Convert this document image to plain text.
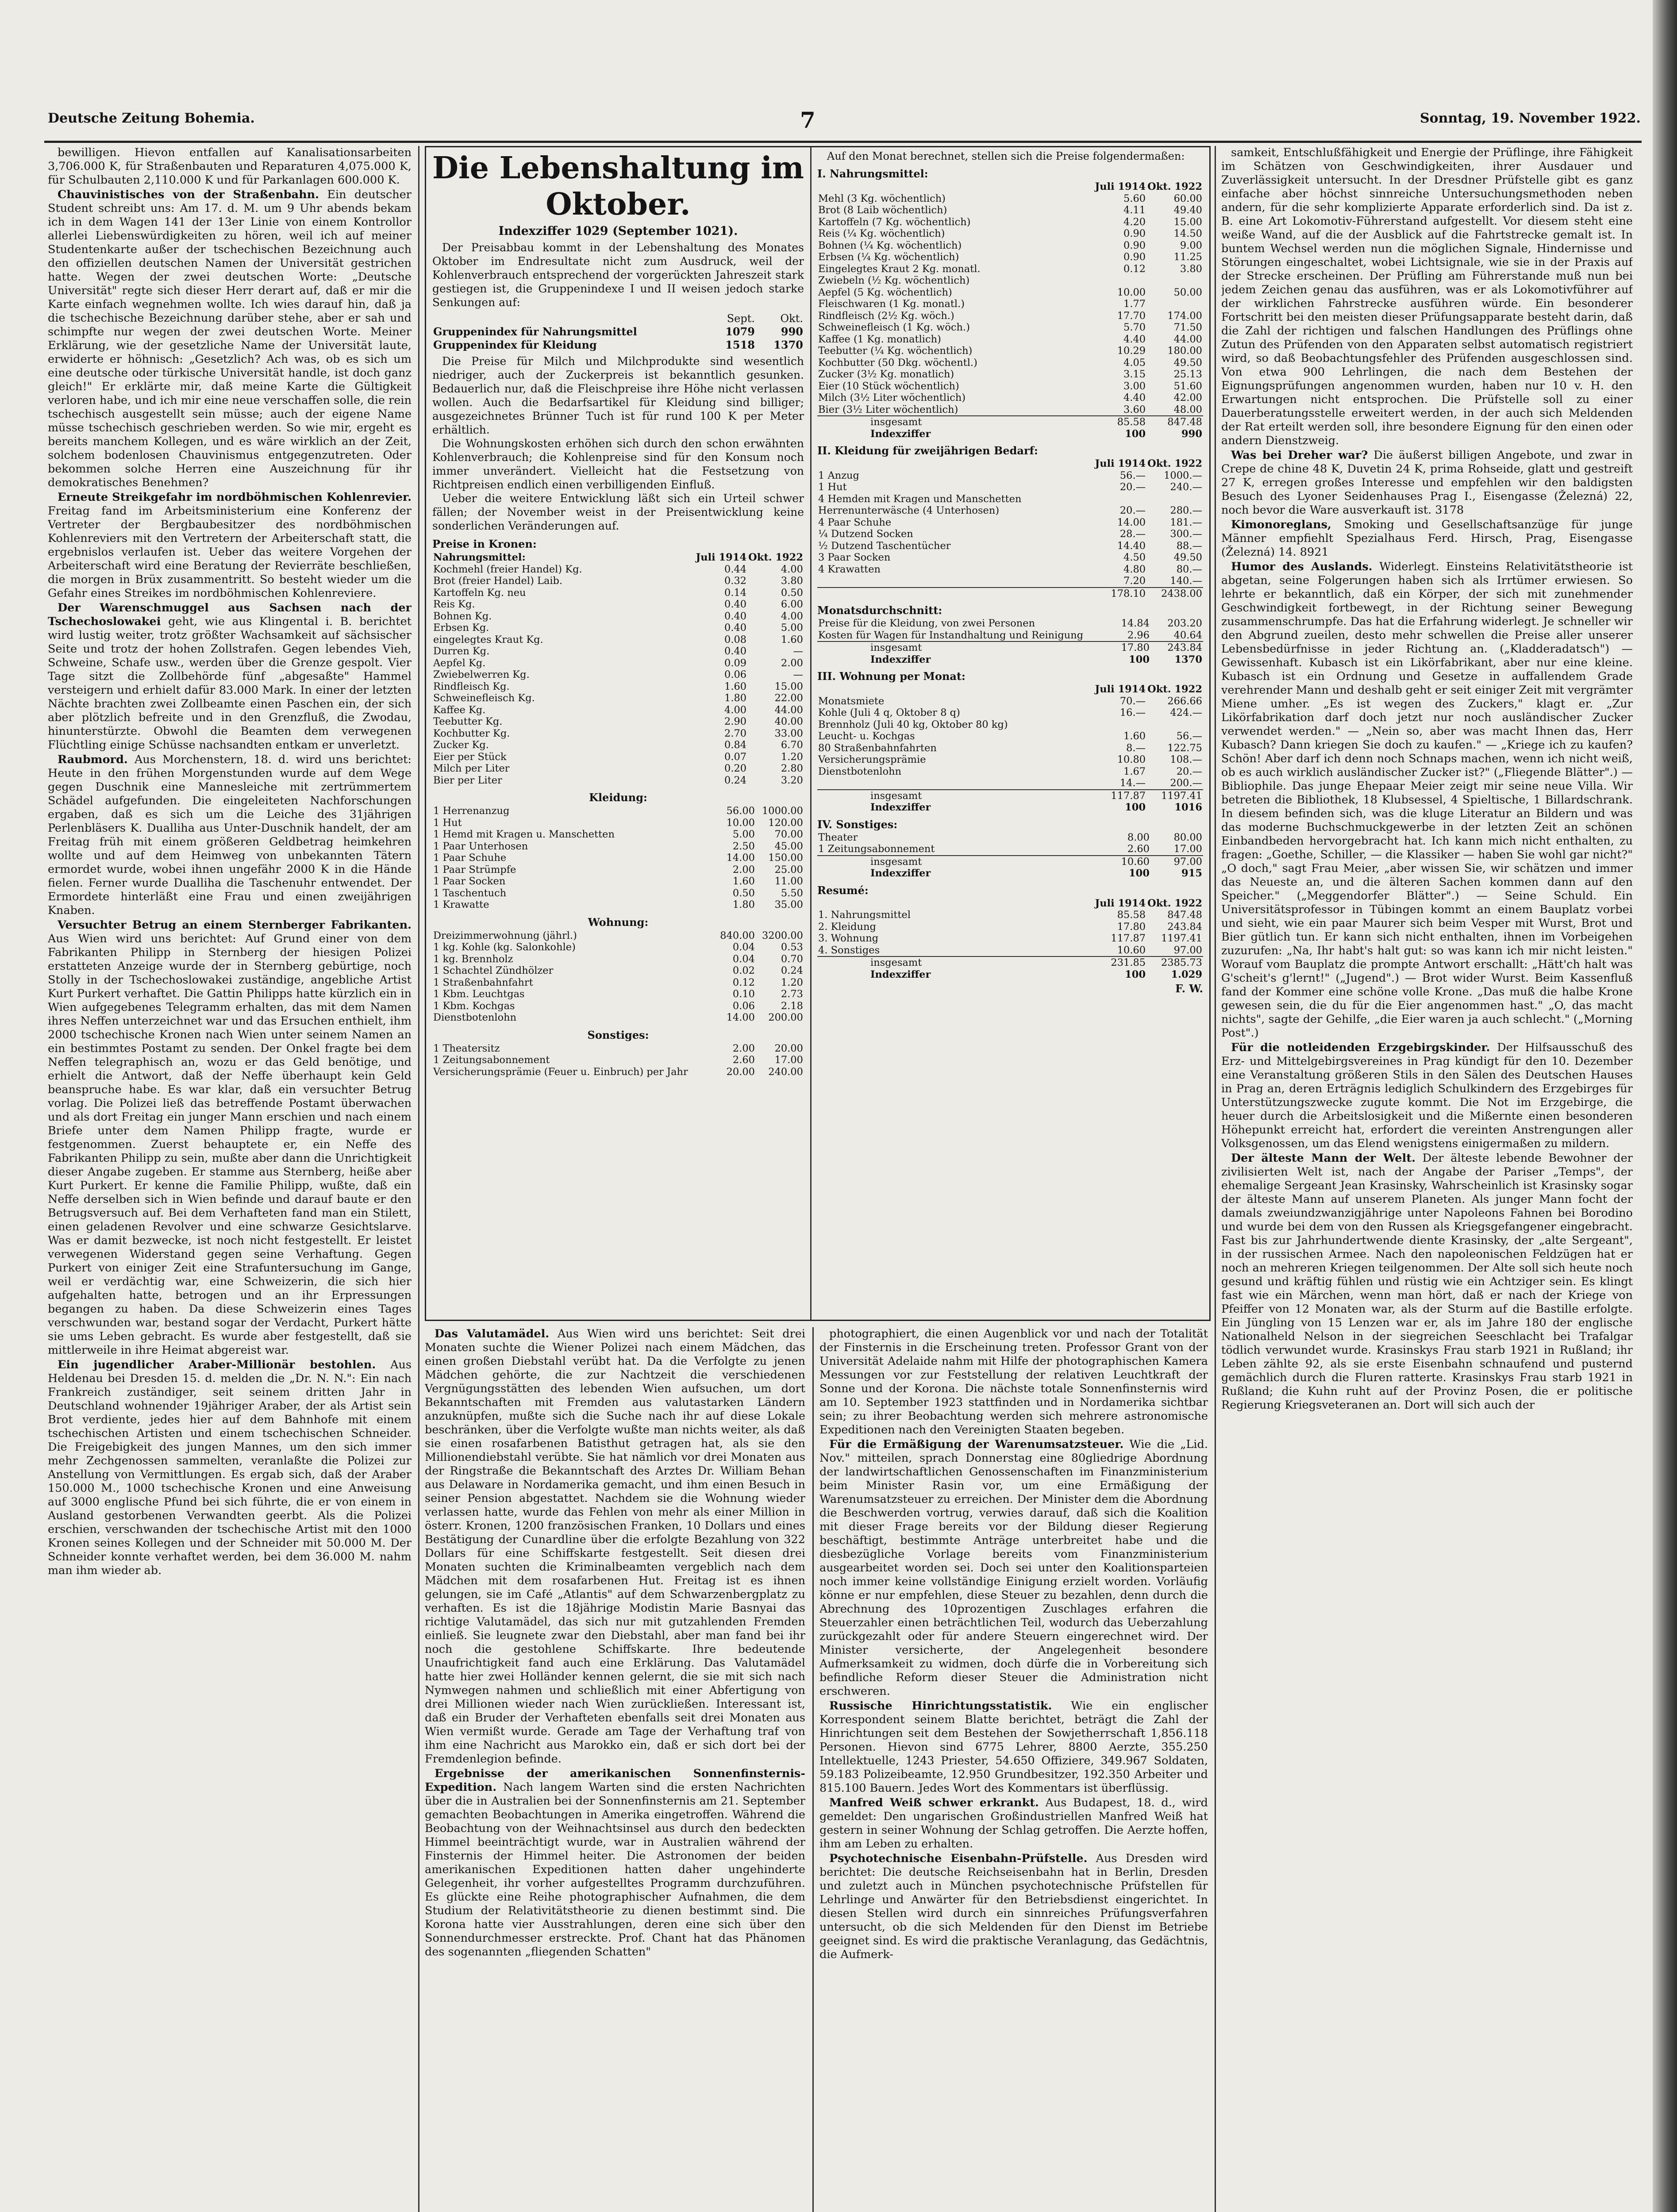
Deutsche Zeitung Bohemia.	7	Sonntag, 19. November 1922.

bewilligen. Hievon entfallen auf Kanalisationsarbeiten 3,706.000 K, für Straßenbauten und Reparaturen 4,075.000 K, für Schulbauten 2,110.000 K und für Parkanlagen 600.000 K.

Chauvinistisches von der Straßenbahn. Ein deutscher Student schreibt uns: Am 17. d. M. um 9 Uhr abends bekam ich in dem Wagen 141 der 13er Linie von einem Kontrollor allerlei Liebenswürdigkeiten zu hören, weil ich auf meiner Studentenkarte außer der tschechischen Bezeichnung auch den offiziellen deutschen Namen der Universität gestrichen hatte. Wegen der zwei deutschen Worte: „Deutsche Universität" regte sich dieser Herr derart auf, daß er mir die Karte einfach wegnehmen wollte. Ich wies darauf hin, daß ja die tschechische Bezeichnung darüber stehe, aber er sah und schimpfte nur wegen der zwei deutschen Worte. Meiner Erklärung, wie der gesetzliche Name der Universität laute, erwiderte er höhnisch: „Gesetzlich? Ach was, ob es sich um eine deutsche oder türkische Universität handle, ist doch ganz gleich!" Er erklärte mir, daß meine Karte die Gültigkeit verloren habe, und ich mir eine neue verschaffen solle, die rein tschechisch ausgestellt sein müsse; auch der eigene Name müsse tschechisch geschrieben werden. So wie mir, ergeht es bereits manchem Kollegen, und es wäre wirklich an der Zeit, solchem bodenlosen Chauvinismus entgegenzutreten. Oder bekommen solche Herren eine Auszeichnung für ihr demokratisches Benehmen?

Erneute Streikgefahr im nordböhmischen Kohlenrevier. Freitag fand im Arbeitsministerium eine Konferenz der Vertreter der Bergbaubesitzer des nordböhmischen Kohlenreviers mit den Vertretern der Arbeiterschaft statt, die ergebnislos verlaufen ist. Ueber das weitere Vorgehen der Arbeiterschaft wird eine Beratung der Revierräte beschließen, die morgen in Brüx zusammentritt. So besteht wieder um die Gefahr eines Streikes im nordböhmischen Kohlenreviere.

Der Warenschmuggel aus Sachsen nach der Tschechoslowakei geht, wie aus Klingental i. B. berichtet wird lustig weiter, trotz größter Wachsamkeit auf sächsischer Seite und trotz der hohen Zollstrafen. Gegen lebendes Vieh, Schweine, Schafe usw., werden über die Grenze gespolt. Vier Tage sitzt die Zollbehörde fünf „abgesaßte" Hammel versteigern und erhielt dafür 83.000 Mark. In einer der letzten Nächte brachten zwei Zollbeamte einen Paschen ein, der sich aber plötzlich befreite und in den Grenzfluß, die Zwodau, hinunterstürzte. Obwohl die Beamten dem verwegenen Flüchtling einige Schüsse nachsandten entkam er unverletzt.

Raubmord. Aus Morchenstern, 18. d. wird uns berichtet: Heute in den frühen Morgenstunden wurde auf dem Wege gegen Duschnik eine Mannesleiche mit zertrümmertem Schädel aufgefunden. Die eingeleiteten Nachforschungen ergaben, daß es sich um die Leiche des 31jährigen Perlenbläsers K. Dualliha aus Unter-Duschnik handelt, der am Freitag früh mit einem größeren Geldbetrag heimkehren wollte und auf dem Heimweg von unbekannten Tätern ermordet wurde, wobei ihnen ungefähr 2000 K in die Hände fielen. Ferner wurde Dualliha die Taschenuhr entwendet. Der Ermordete hinterläßt eine Frau und einen zweijährigen Knaben.

Versuchter Betrug an einem Sternberger Fabrikanten. Aus Wien wird uns berichtet: Auf Grund einer von dem Fabrikanten Philipp in Sternberg der hiesigen Polizei erstatteten Anzeige wurde der in Sternberg gebürtige, noch Stolly in der Tschechoslowakei zuständige, angebliche Artist Kurt Purkert verhaftet. Die Gattin Philipps hatte kürzlich ein in Wien aufgegebenes Telegramm erhalten, das mit dem Namen ihres Neffen unterzeichnet war und das Ersuchen enthielt, ihm 2000 tschechische Kronen nach Wien unter seinem Namen an ein bestimmtes Postamt zu senden. Der Onkel fragte bei dem Neffen telegraphisch an, wozu er das Geld benötige, und erhielt die Antwort, daß der Neffe überhaupt kein Geld beanspruche habe. Es war klar, daß ein versuchter Betrug vorlag. Die Polizei ließ das betreffende Postamt überwachen und als dort Freitag ein junger Mann erschien und nach einem Briefe unter dem Namen Philipp fragte, wurde er festgenommen. Zuerst behauptete er, ein Neffe des Fabrikanten Philipp zu sein, mußte aber dann die Unrichtigkeit dieser Angabe zugeben. Er stamme aus Sternberg, heiße aber Kurt Purkert. Er kenne die Familie Philipp, wußte, daß ein Neffe derselben sich in Wien befinde und darauf baute er den Betrugsversuch auf. Bei dem Verhafteten fand man ein Stilett, einen geladenen Revolver und eine schwarze Gesichtslarve. Was er damit bezwecke, ist noch nicht festgestellt. Er leistet verwegenen Widerstand gegen seine Verhaftung. Gegen Purkert von einiger Zeit eine Strafuntersuchung im Gange, weil er verdächtig war, eine Schweizerin, die sich hier aufgehalten hatte, betrogen und an ihr Erpressungen begangen zu haben. Da diese Schweizerin eines Tages verschwunden war, bestand sogar der Verdacht, Purkert hätte sie ums Leben gebracht. Es wurde aber festgestellt, daß sie mittlerweile in ihre Heimat abgereist war.

Ein jugendlicher Araber-Millionär bestohlen. Aus Heldenau bei Dresden 15. d. melden die „Dr. N. N.": Ein nach Frankreich zuständiger, seit seinem dritten Jahr in Deutschland wohnender 19jähriger Araber, der als Artist sein Brot verdiente, jedes hier auf dem Bahnhofe mit einem tschechischen Artisten und einem tschechischen Schneider. Die Freigebigkeit des jungen Mannes, um den sich immer mehr Zechgenossen sammelten, veranlaßte die Polizei zur Anstellung von Vermittlungen. Es ergab sich, daß der Araber 150.000 M., 1000 tschechische Kronen und eine Anweisung auf 3000 englische Pfund bei sich führte, die er von einem in Ausland gestorbenen Verwandten geerbt. Als die Polizei erschien, verschwanden der tschechische Artist mit den 1000 Kronen seines Kollegen und der Schneider mit 50.000 M. Der Schneider konnte verhaftet werden, bei dem 36.000 M. nahm man ihm wieder ab.

Die Lebenshaltung im Oktober.
Indexziffer 1029 (September 1021).

Der Preisabbau kommt in der Lebenshaltung des Monates Oktober im Endresultate nicht zum Ausdruck, weil der Kohlenverbrauch entsprechend der vorgerückten Jahreszeit stark gestiegen ist, die Gruppenindexe I und II weisen jedoch starke Senkungen auf:

	Sept.	Okt.
Gruppenindex für Nahrungsmittel	1079	990
Gruppenindex für Kleidung	1518	1370

Die Preise für Milch und Milchprodukte sind wesentlich niedriger, auch der Zuckerpreis ist bekanntlich gesunken. Bedauerlich nur, daß die Fleischpreise ihre Höhe nicht verlassen wollen. Auch die Bedarfsartikel für Kleidung sind billiger; ausgezeichnetes Brünner Tuch ist für rund 100 K per Meter erhältlich.

Die Wohnungskosten erhöhen sich durch den schon erwähnten Kohlenverbrauch; die Kohlenpreise sind für den Konsum noch immer unverändert. Vielleicht hat die Festsetzung von Richtpreisen endlich einen verbilligenden Einfluß.

Ueber die weitere Entwicklung läßt sich ein Urteil schwer fällen; der November weist in der Preisentwicklung keine sonderlichen Veränderungen auf.

Preise in Kronen:
Nahrungsmittel:	Juli 1914	Okt. 1922
Kochmehl (freier Handel) Kg.	0.44	4.00
Brot (freier Handel) Laib.	0.32	3.80
Kartoffeln Kg. neu	0.14	0.50
Reis Kg.	0.40	6.00
Bohnen Kg.	0.40	4.00
Erbsen Kg.	0.40	5.00
eingelegtes Kraut Kg.	0.08	1.60
Durren Kg.	0.40	—
Aepfel Kg.	0.09	2.00
Zwiebelwerren Kg.	0.06	—
Rindfleisch Kg.	1.60	15.00
Schweinefleisch Kg.	1.80	22.00
Kaffee Kg.	4.00	44.00
Teebutter Kg.	2.90	40.00
Kochbutter Kg.	2.70	33.00
Zucker Kg.	0.84	6.70
Eier per Stück	0.07	1.20
Milch per Liter	0.20	2.80
Bier per Liter	0.24	3.20
Kleidung:
1 Herrenanzug	56.00	1000.00
1 Hut	10.00	120.00
1 Hemd mit Kragen u. Manschetten	5.00	70.00
1 Paar Unterhosen	2.50	45.00
1 Paar Schuhe	14.00	150.00
1 Paar Strümpfe	2.00	25.00
1 Paar Socken	1.60	11.00
1 Taschentuch	0.50	5.50
1 Krawatte	1.80	35.00
Wohnung:
Dreizimmerwohnung (jährl.)	840.00	3200.00
1 kg. Kohle (kg. Salonkohle)	0.04	0.53
1 kg. Brennholz	0.04	0.70
1 Schachtel Zündhölzer	0.02	0.24
1 Straßenbahnfahrt	0.12	1.20
1 Kbm. Leuchtgas	0.10	2.73
1 Kbm. Kochgas	0.06	2.18
Dienstbotenlohn	14.00	200.00
Sonstiges:
1 Theatersitz	2.00	20.00
1 Zeitungsabonnement	2.60	17.00
Versicherungsprämie (Feuer u. Einbruch) per Jahr	20.00	240.00

Auf den Monat berechnet, stellen sich die Preise folgendermaßen:

I. Nahrungsmittel:
	Juli 1914	Okt. 1922
Mehl (3 Kg. wöchentlich)	5.60	60.00
Brot (8 Laib wöchentlich)	4.11	49.40
Kartoffeln (7 Kg. wöchentlich)	4.20	15.00
Reis (¼ Kg. wöchentlich)	0.90	14.50
Bohnen (¼ Kg. wöchentlich)	0.90	9.00
Erbsen (¼ Kg. wöchentlich)	0.90	11.25
Eingelegtes Kraut 2 Kg. monatl.	0.12	3.80
Zwiebeln (½ Kg. wöchentlich)		
Aepfel (5 Kg. wöchentlich)	10.00	50.00
Fleischwaren (1 Kg. monatl.)	1.77	
Rindfleisch (2½ Kg. wöch.)	17.70	174.00
Schweinefleisch (1 Kg. wöch.)	5.70	71.50
Kaffee (1 Kg. monatlich)	4.40	44.00
Teebutter (¼ Kg. wöchentlich)	10.29	180.00
Kochbutter (50 Dkg. wöchentl.)	4.05	49.50
Zucker (3½ Kg. monatlich)	3.15	25.13
Eier (10 Stück wöchentlich)	3.00	51.60
Milch (3½ Liter wöchentlich)	4.40	42.00
Bier (3½ Liter wöchentlich)	3.60	48.00
insgesamt	85.58	847.48
Indexziffer	100	990
II. Kleidung für zweijährigen Bedarf:
	Juli 1914	Okt. 1922
1 Anzug	56.—	1000.—
1 Hut	20.—	240.—
4 Hemden mit Kragen und Manschetten		
Herrenunterwäsche (4 Unterhosen)	20.—	280.—
4 Paar Schuhe	14.00	181.—
¼ Dutzend Socken	28.—	300.—
½ Dutzend Taschentücher	14.40	88.—
3 Paar Socken	4.50	49.50
4 Krawatten	4.80	80.—
	7.20	140.—
	178.10	2438.00
Monatsdurchschnitt:
Preise für die Kleidung, von zwei Personen	14.84	203.20
Kosten für Wagen für Instandhaltung und Reinigung	2.96	40.64
insgesamt	17.80	243.84
Indexziffer	100	1370
III. Wohnung per Monat:
	Juli 1914	Okt. 1922
Monatsmiete	70.—	266.66
Kohle (Juli 4 q, Oktober 8 q)	16.—	424.—
Brennholz (Juli 40 kg, Oktober 80 kg)		
Leucht- u. Kochgas	1.60	56.—
80 Straßenbahnfahrten	8.—	122.75
Versicherungsprämie	10.80	108.—
Dienstbotenlohn	1.67	20.—
	14.—	200.—
insgesamt	117.87	1197.41
Indexziffer	100	1016
IV. Sonstiges:
Theater	8.00	80.00
1 Zeitungsabonnement	2.60	17.00
insgesamt	10.60	97.00
Indexziffer	100	915
Resumé:
	Juli 1914	Okt. 1922
1. Nahrungsmittel	85.58	847.48
2. Kleidung	17.80	243.84
3. Wohnung	117.87	1197.41
4. Sonstiges	10.60	97.00
insgesamt	231.85	2385.73
Indexziffer	100	1.029
F. W.

Das Valutamädel. Aus Wien wird uns berichtet: Seit drei Monaten suchte die Wiener Polizei nach einem Mädchen, das einen großen Diebstahl verübt hat. Da die Verfolgte zu jenen Mädchen gehörte, die zur Nachtzeit die verschiedenen Vergnügungsstätten des lebenden Wien aufsuchen, um dort Bekanntschaften mit Fremden aus valutastarken Ländern anzuknüpfen, mußte sich die Suche nach ihr auf diese Lokale beschränken, über die Verfolgte wußte man nichts weiter, als daß sie einen rosafarbenen Batisthut getragen hat, als sie den Millionendiebstahl verübte. Sie hat nämlich vor drei Monaten aus der Ringstraße die Bekanntschaft des Arztes Dr. William Behan aus Delaware in Nordamerika gemacht, und ihm einen Besuch in seiner Pension abgestattet. Nachdem sie die Wohnung wieder verlassen hatte, wurde das Fehlen von mehr als einer Million in österr. Kronen, 1200 französischen Franken, 10 Dollars und eines Bestätigung der Cunardline über die erfolgte Bezahlung von 322 Dollars für eine Schiffskarte festgestellt. Seit diesen drei Monaten suchten die Kriminalbeamten vergeblich nach dem Mädchen mit dem rosafarbenen Hut. Freitag ist es ihnen gelungen, sie im Café „Atlantis" auf dem Schwarzenbergplatz zu verhaften. Es ist die 18jährige Modistin Marie Basnyai das richtige Valutamädel, das sich nur mit gutzahlenden Fremden einließ. Sie leugnete zwar den Diebstahl, aber man fand bei ihr noch die gestohlene Schiffskarte. Ihre bedeutende Unaufrichtigkeit fand auch eine Erklärung. Das Valutamädel hatte hier zwei Holländer kennen gelernt, die sie mit sich nach Nymwegen nahmen und schließlich mit einer Abfertigung von drei Millionen wieder nach Wien zurückließen. Interessant ist, daß ein Bruder der Verhafteten ebenfalls seit drei Monaten aus Wien vermißt wurde. Gerade am Tage der Verhaftung traf von ihm eine Nachricht aus Marokko ein, daß er sich dort bei der Fremdenlegion befinde.

Ergebnisse der amerikanischen Sonnenfinsternis-Expedition. Nach langem Warten sind die ersten Nachrichten über die in Australien bei der Sonnenfinsternis am 21. September gemachten Beobachtungen in Amerika eingetroffen. Während die Beobachtung von der Weihnachtsinsel aus durch den bedeckten Himmel beeinträchtigt wurde, war in Australien während der Finsternis der Himmel heiter. Die Astronomen der beiden amerikanischen Expeditionen hatten daher ungehinderte Gelegenheit, ihr vorher aufgestelltes Programm durchzuführen. Es glückte eine Reihe photographischer Aufnahmen, die dem Studium der Relativitätstheorie zu dienen bestimmt sind. Die Korona hatte vier Ausstrahlungen, deren eine sich über den Sonnendurchmesser erstreckte. Prof. Chant hat das Phänomen des sogenannten „fliegenden Schatten"

photographiert, die einen Augenblick vor und nach der Totalität der Finsternis in die Erscheinung treten. Professor Grant von der Universität Adelaide nahm mit Hilfe der photographischen Kamera Messungen vor zur Feststellung der relativen Leuchtkraft der Sonne und der Korona. Die nächste totale Sonnenfinsternis wird am 10. September 1923 stattfinden und in Nordamerika sichtbar sein; zu ihrer Beobachtung werden sich mehrere astronomische Expeditionen nach den Vereinigten Staaten begeben.

Für die Ermäßigung der Warenumsatzsteuer. Wie die „Lid. Nov." mitteilen, sprach Donnerstag eine 80gliedrige Abordnung der landwirtschaftlichen Genossenschaften im Finanzministerium beim Minister Rasin vor, um eine Ermäßigung der Warenumsatzsteuer zu erreichen. Der Minister dem die Abordnung die Beschwerden vortrug, verwies darauf, daß sich die Koalition mit dieser Frage bereits vor der Bildung dieser Regierung beschäftigt, bestimmte Anträge unterbreitet habe und die diesbezügliche Vorlage bereits vom Finanzministerium ausgearbeitet worden sei. Doch sei unter den Koalitionsparteien noch immer keine vollständige Einigung erzielt worden. Vorläufig könne er nur empfehlen, diese Steuer zu bezahlen, denn durch die Abrechnung des 10prozentigen Zuschlages erfahren die Steuerzahler einen beträchtlichen Teil, wodurch das Ueberzahlung zurückgezahlt oder für andere Steuern eingerechnet wird. Der Minister versicherte, der Angelegenheit besondere Aufmerksamkeit zu widmen, doch dürfe die in Vorbereitung sich befindliche Reform dieser Steuer die Administration nicht erschweren.

Russische Hinrichtungsstatistik. Wie ein englischer Korrespondent seinem Blatte berichtet, beträgt die Zahl der Hinrichtungen seit dem Bestehen der Sowjetherrschaft 1,856.118 Personen. Hievon sind 6775 Lehrer, 8800 Aerzte, 355.250 Intellektuelle, 1243 Priester, 54.650 Offiziere, 349.967 Soldaten, 59.183 Polizeibeamte, 12.950 Grundbesitzer, 192.350 Arbeiter und 815.100 Bauern. Jedes Wort des Kommentars ist überflüssig.

Manfred Weiß schwer erkrankt. Aus Budapest, 18. d., wird gemeldet: Den ungarischen Großindustriellen Manfred Weiß hat gestern in seiner Wohnung der Schlag getroffen. Die Aerzte hoffen, ihm am Leben zu erhalten.

Psychotechnische Eisenbahn-Prüfstelle. Aus Dresden wird berichtet: Die deutsche Reichseisenbahn hat in Berlin, Dresden und zuletzt auch in München psychotechnische Prüfstellen für Lehrlinge und Anwärter für den Betriebsdienst eingerichtet. In diesen Stellen wird durch ein sinnreiches Prüfungsverfahren untersucht, ob die sich Meldenden für den Dienst im Betriebe geeignet sind. Es wird die praktische Veranlagung, das Gedächtnis, die Aufmerk-

samkeit, Entschlußfähigkeit und Energie der Prüflinge, ihre Fähigkeit im Schätzen von Geschwindigkeiten, ihrer Ausdauer und Zuverlässigkeit untersucht. In der Dresdner Prüfstelle gibt es ganz einfache aber höchst sinnreiche Untersuchungsmethoden neben andern, für die sehr komplizierte Apparate erforderlich sind. Da ist z. B. eine Art Lokomotiv-Führerstand aufgestellt. Vor diesem steht eine weiße Wand, auf die der Ausblick auf die Fahrtstrecke gemalt ist. In buntem Wechsel werden nun die möglichen Signale, Hindernisse und Störungen eingeschaltet, wobei Lichtsignale, wie sie in der Praxis auf der Strecke erscheinen. Der Prüfling am Führerstande muß nun bei jedem Zeichen genau das ausführen, was er als Lokomotivführer auf der wirklichen Fahrstrecke ausführen würde. Ein besonderer Fortschritt bei den meisten dieser Prüfungsapparate besteht darin, daß die Zahl der richtigen und falschen Handlungen des Prüflings ohne Zutun des Prüfenden von den Apparaten selbst automatisch registriert wird, so daß Beobachtungsfehler des Prüfenden ausgeschlossen sind. Von etwa 900 Lehrlingen, die nach dem Bestehen der Eignungsprüfungen angenommen wurden, haben nur 10 v. H. den Erwartungen nicht entsprochen. Die Prüfstelle soll zu einer Dauerberatungsstelle erweitert werden, in der auch sich Meldenden der Rat erteilt werden soll, ihre besondere Eignung für den einen oder andern Dienstzweig.

Was bei Dreher war? Die äußerst billigen Angebote, und zwar in Crepe de chine 48 K, Duvetin 24 K, prima Rohseide, glatt und gestreift 27 K, erregen großes Interesse und empfehlen wir den baldigsten Besuch des Lyoner Seidenhauses Prag I., Eisengasse (Železná) 22, noch bevor die Ware ausverkauft ist. 3178

Kimonoreglans, Smoking und Gesellschaftsanzüge für junge Männer empfiehlt Spezialhaus Ferd. Hirsch, Prag, Eisengasse (Železná) 14. 8921

Humor des Auslands. Widerlegt. Einsteins Relativitätstheorie ist abgetan, seine Folgerungen haben sich als Irrtümer erwiesen. So lehrte er bekanntlich, daß ein Körper, der sich mit zunehmender Geschwindigkeit fortbewegt, in der Richtung seiner Bewegung zusammenschrumpfe. Das hat die Erfahrung widerlegt. Je schneller wir den Abgrund zueilen, desto mehr schwellen die Preise aller unserer Lebensbedürfnisse in jeder Richtung an. („Kladderadatsch") — Gewissenhaft. Kubasch ist ein Likörfabrikant, aber nur eine kleine. Kubasch ist ein Ordnung und Gesetze in auffallendem Grade verehrender Mann und deshalb geht er seit einiger Zeit mit vergrämter Miene umher. „Es ist wegen des Zuckers," klagt er. „Zur Likörfabrikation darf doch jetzt nur noch ausländischer Zucker verwendet werden." — „Nein so, aber was macht Ihnen das, Herr Kubasch? Dann kriegen Sie doch zu kaufen." — „Kriege ich zu kaufen? Schön! Aber darf ich denn noch Schnaps machen, wenn ich nicht weiß, ob es auch wirklich ausländischer Zucker ist?" („Fliegende Blätter".) — Bibliophile. Das junge Ehepaar Meier zeigt mir seine neue Villa. Wir betreten die Bibliothek, 18 Klubsessel, 4 Spieltische, 1 Billardschrank. In diesem befinden sich, was die kluge Literatur an Bildern und was das moderne Buchschmuckgewerbe in der letzten Zeit an schönen Einbandbeden hervorgebracht hat. Ich kann mich nicht enthalten, zu fragen: „Goethe, Schiller, — die Klassiker — haben Sie wohl gar nicht?" „O doch," sagt Frau Meier, „aber wissen Sie, wir schätzen und immer das Neueste an, und die älteren Sachen kommen dann auf den Speicher." („Meggendorfer Blätter".) — Seine Schuld. Ein Universitätsprofessor in Tübingen kommt an einem Bauplatz vorbei und sieht, wie ein paar Maurer sich beim Vesper mit Wurst, Brot und Bier gütlich tun. Er kann sich nicht enthalten, ihnen im Vorbeigehen zuzurufen: „Na, Ihr habt's halt gut: so was kann ich mir nicht leisten." Worauf vom Bauplatz die prompte Antwort erschallt: „Hätt'ch halt was G'scheit's g'lernt!" („Jugend".) — Brot wider Wurst. Beim Kassenfluß fand der Kommer eine schöne volle Krone. „Das muß die halbe Krone gewesen sein, die du für die Eier angenommen hast." „O, das macht nichts", sagte der Gehilfe, „die Eier waren ja auch schlecht." („Morning Post".)

Für die notleidenden Erzgebirgskinder. Der Hilfsausschuß des Erz- und Mittelgebirgsvereines in Prag kündigt für den 10. Dezember eine Veranstaltung größeren Stils in den Sälen des Deutschen Hauses in Prag an, deren Erträgnis lediglich Schulkindern des Erzgebirges für Unterstützungszwecke zugute kommt. Die Not im Erzgebirge, die heuer durch die Arbeitslosigkeit und die Mißernte einen besonderen Höhepunkt erreicht hat, erfordert die vereinten Anstrengungen aller Volksgenossen, um das Elend wenigstens einigermaßen zu mildern.

Der älteste Mann der Welt. Der älteste lebende Bewohner der zivilisierten Welt ist, nach der Angabe der Pariser „Temps", der ehemalige Sergeant Jean Krasinsky, Wahrscheinlich ist Krasinsky sogar der älteste Mann auf unserem Planeten. Als junger Mann focht der damals zweiundzwanzigjährige unter Napoleons Fahnen bei Borodino und wurde bei dem von den Russen als Kriegsgefangener eingebracht. Fast bis zur Jahrhundertwende diente Krasinsky, der „alte Sergeant", in der russischen Armee. Nach den napoleonischen Feldzügen hat er noch an mehreren Kriegen teilgenommen. Der Alte soll sich heute noch gesund und kräftig fühlen und rüstig wie ein Achtziger sein. Es klingt fast wie ein Märchen, wenn man hört, daß er nach der Kriege von Pfeiffer von 12 Monaten war, als der Sturm auf die Bastille erfolgte. Ein Jüngling von 15 Lenzen war er, als im Jahre 180 der englische Nationalheld Nelson in der siegreichen Seeschlacht bei Trafalgar tödlich verwundet wurde. Krasinskys Frau starb 1921 in Rußland; ihr Leben zählte 92, als sie erste Eisenbahn schnaufend und pusternd gemächlich durch die Fluren ratterte. Krasinskys Frau starb 1921 in Rußland; die Kuhn ruht auf der Provinz Posen, die er politische Regierung Kriegsveteranen an. Dort will sich auch der
